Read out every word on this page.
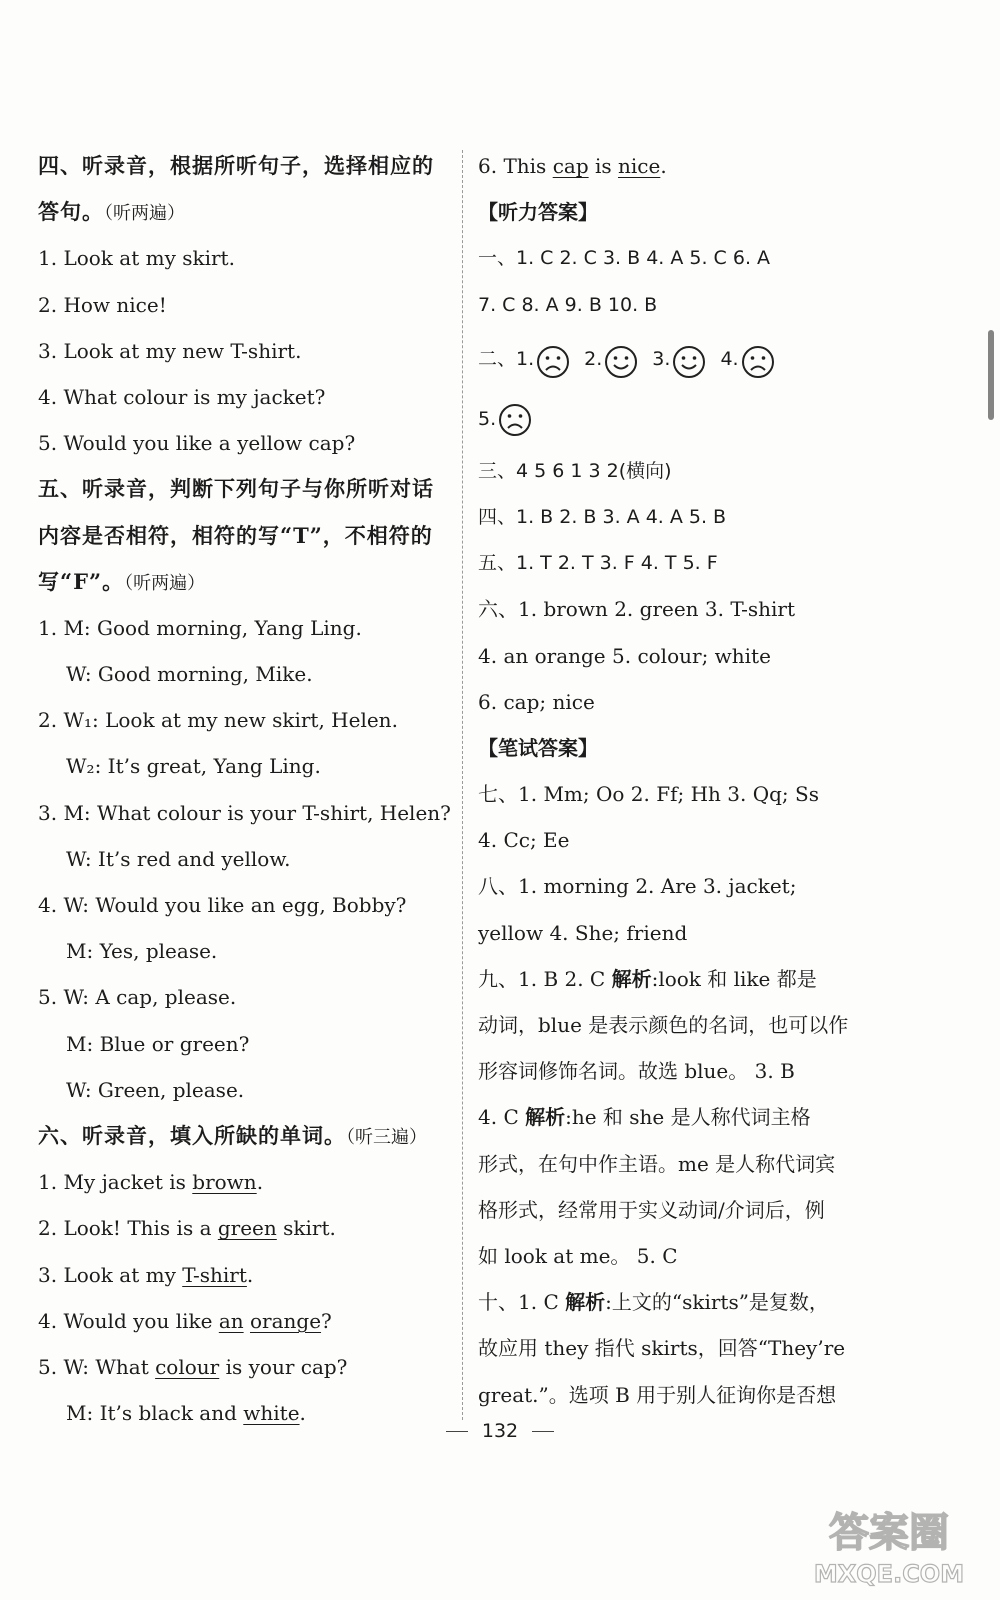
四、听录音，根据所听句子，选择相应的
答句。（听两遍）
1. Look at my skirt.
2. How nice!
3. Look at my new T-shirt.
4. What colour is my jacket?
5. Would you like a yellow cap?
五、听录音，判断下列句子与你所听对话
内容是否相符，相符的写“T”，不相符的
写“F”。（听两遍）
1. M: Good morning, Yang Ling.
W: Good morning, Mike.
2. W₁: Look at my new skirt, Helen.
W₂: It’s great, Yang Ling.
3. M: What colour is your T-shirt, Helen?
W: It’s red and yellow.
4. W: Would you like an egg, Bobby?
M: Yes, please.
5. W: A cap, please.
M: Blue or green?
W: Green, please.
六、听录音，填入所缺的单词。（听三遍）
1. My jacket is brown.
2. Look! This is a green skirt.
3. Look at my T-shirt.
4. Would you like an orange?
5. W: What colour is your cap?
M: It’s black and white.
6. This cap is nice.
【听力答案】
一、1. C 2. C 3. B 4. A 5. C 6. A
7. C 8. A 9. B 10. B
二、1.	2.	3.	4.
5.
三、4 5 6 1 3 2(横向)
四、1. B 2. B 3. A 4. A 5. B
五、1. T 2. T 3. F 4. T 5. F
六、1. brown 2. green 3. T-shirt
4. an orange 5. colour; white
6. cap; nice
【笔试答案】
七、1. Mm; Oo 2. Ff; Hh 3. Qq; Ss
4. Cc; Ee
八、1. morning 2. Are 3. jacket;
yellow 4. She; friend
九、1. B 2. C 解析:look 和 like 都是
动词，blue 是表示颜色的名词，也可以作
形容词修饰名词。故选 blue。 3. B
4. C 解析:he 和 she 是人称代词主格
形式，在句中作主语。me 是人称代词宾
格形式，经常用于实义动词/介词后，例
如 look at me。 5. C
十、1. C 解析:上文的“skirts”是复数，
故应用 they 指代 skirts，回答“They’re
great.”。选项 B 用于别人征询你是否想
132
答案圈
MXQE.COM
